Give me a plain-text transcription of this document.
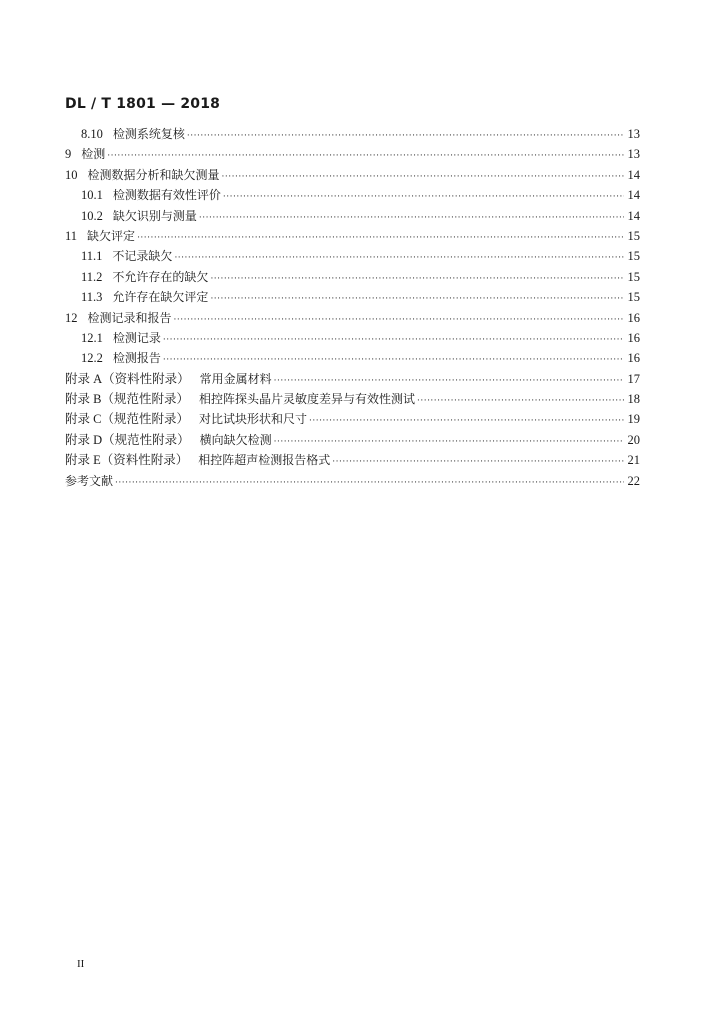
DL / T 1801 — 2018
8.10 检测系统复核 ·····	13
9 检测 ·····	13
10 检测数据分析和缺欠测量 ·····	14
10.1 检测数据有效性评价 ·····	14
10.2 缺欠识别与测量 ·····	14
11 缺欠评定 ·····	15
11.1 不记录缺欠 ·····	15
11.2 不允许存在的缺欠 ·····	15
11.3 允许存在缺欠评定 ·····	15
12 检测记录和报告 ·····	16
12.1 检测记录 ·····	16
12.2 检测报告 ·····	16
附录 A（资料性附录） 常用金属材料 ·····	17
附录 B（规范性附录） 相控阵探头晶片灵敏度差异与有效性测试 ·····	18
附录 C（规范性附录） 对比试块形状和尺寸 ·····	19
附录 D（规范性附录） 横向缺欠检测 ·····	20
附录 E（资料性附录） 相控阵超声检测报告格式 ·····	21
参考文献 ·····	22
II
